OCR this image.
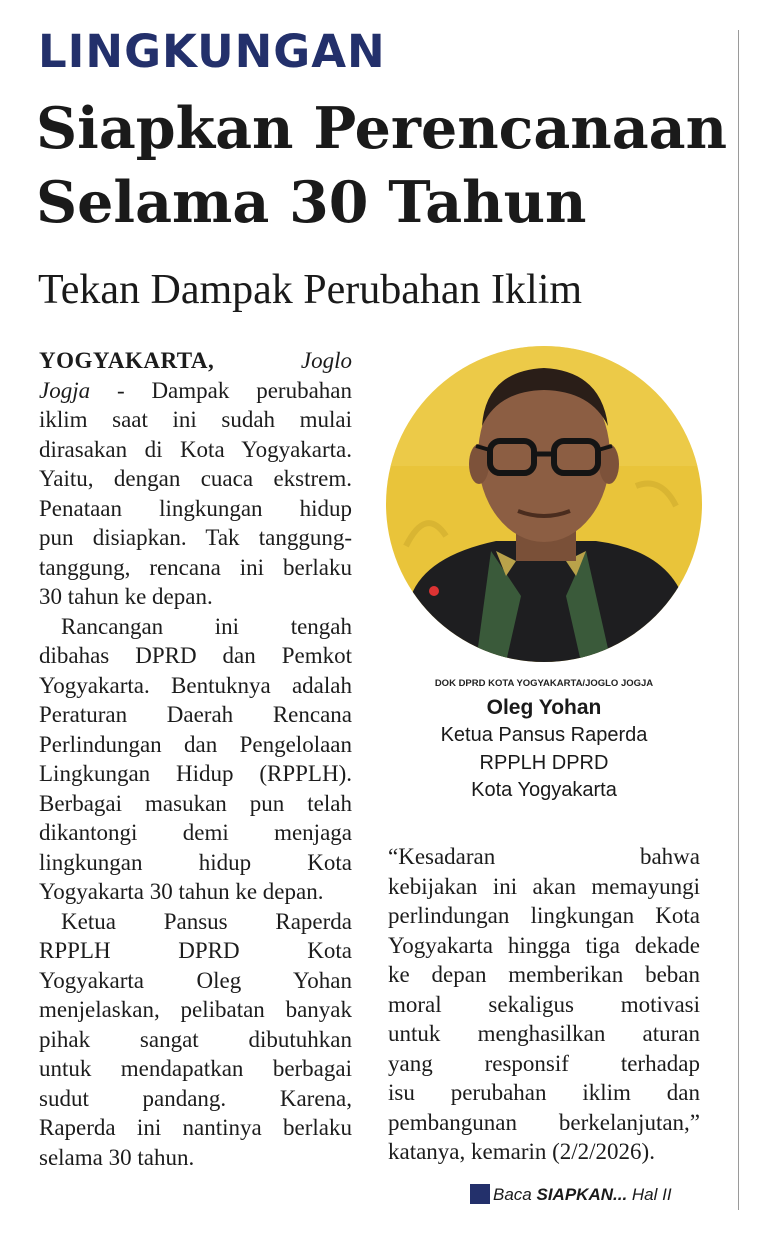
LINGKUNGAN
Siapkan Perencanaan
Selama 30 Tahun
Tekan Dampak Perubahan Iklim
YOGYAKARTA,	Joglo
Jogja - Dampak perubahan
iklim saat ini sudah mulai
dirasakan di Kota Yogyakarta.
Yaitu, dengan cuaca ekstrem.
Penataan lingkungan hidup
pun disiapkan. Tak tanggung-
tanggung, rencana ini berlaku
30 tahun ke depan.
Rancangan ini tengah
dibahas DPRD dan Pemkot
Yogyakarta. Bentuknya adalah
Peraturan Daerah Rencana
Perlindungan dan Pengelolaan
Lingkungan Hidup (RPPLH).
Berbagai masukan pun telah
dikantongi demi menjaga
lingkungan hidup Kota
Yogyakarta 30 tahun ke depan.
Ketua Pansus Raperda
RPPLH DPRD Kota
Yogyakarta Oleg Yohan
menjelaskan, pelibatan banyak
pihak sangat dibutuhkan
untuk mendapatkan berbagai
sudut pandang. Karena,
Raperda ini nantinya berlaku
selama 30 tahun.
DOK DPRD KOTA YOGYAKARTA/JOGLO JOGJA
Oleg Yohan
Ketua Pansus Raperda
RPPLH DPRD
Kota Yogyakarta
“Kesadaran bahwa
kebijakan ini akan memayungi
perlindungan lingkungan Kota
Yogyakarta hingga tiga dekade
ke depan memberikan beban
moral sekaligus motivasi
untuk menghasilkan aturan
yang responsif terhadap
isu perubahan iklim dan
pembangunan berkelanjutan,”
katanya, kemarin (2/2/2026).
Baca SIAPKAN... Hal II
